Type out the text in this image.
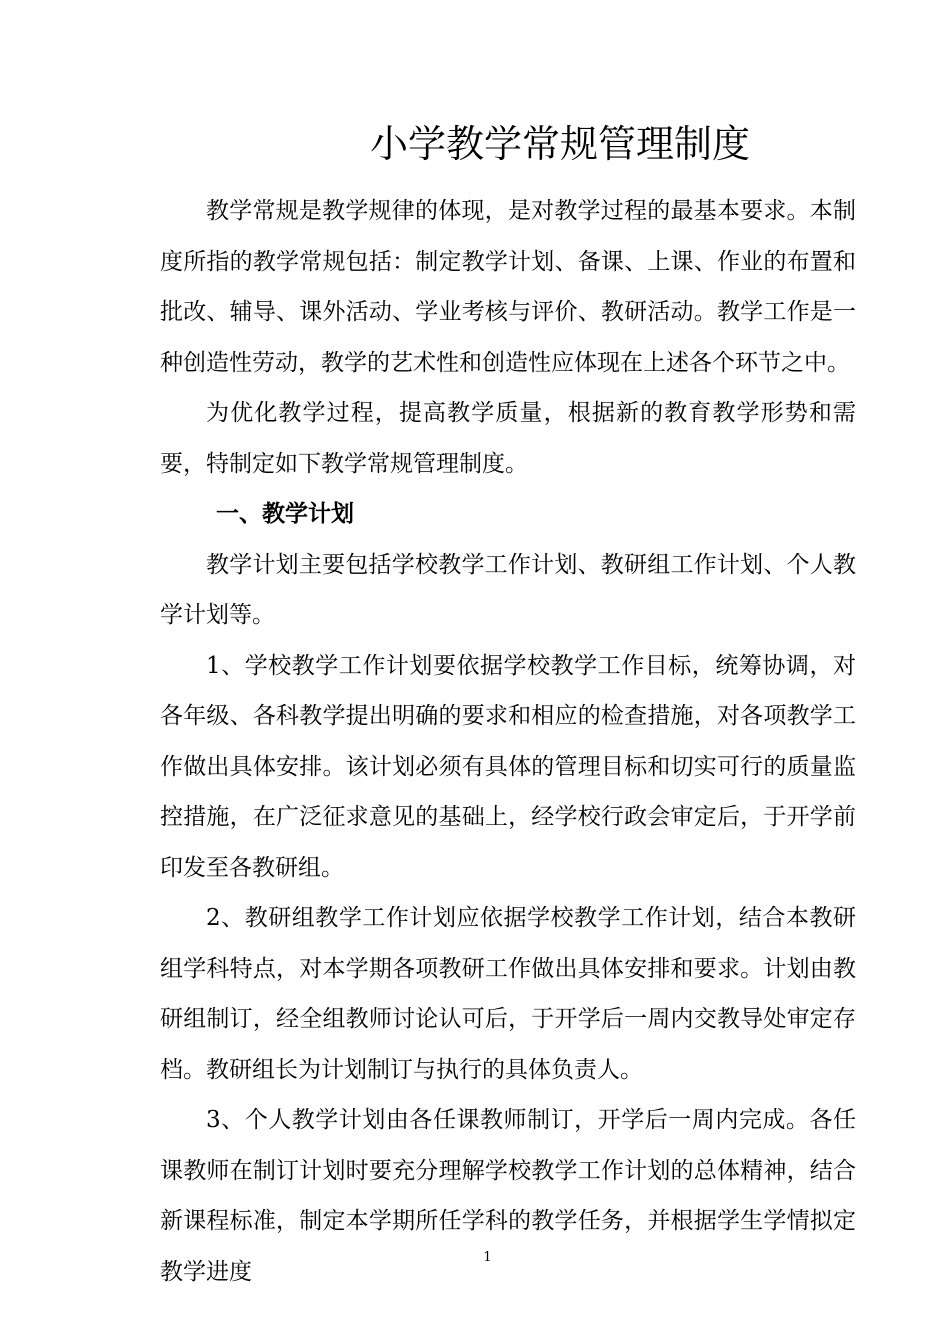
小学教学常规管理制度

教学常规是教学规律的体现，是对教学过程的最基本要求。本制度所指的教学常规包括：制定教学计划、备课、上课、作业的布置和批改、辅导、课外活动、学业考核与评价、教研活动。教学工作是一种创造性劳动，教学的艺术性和创造性应体现在上述各个环节之中。

为优化教学过程，提高教学质量，根据新的教育教学形势和需要，特制定如下教学常规管理制度。

一、教学计划

教学计划主要包括学校教学工作计划、教研组工作计划、个人教学计划等。

1、学校教学工作计划要依据学校教学工作目标，统筹协调，对各年级、各科教学提出明确的要求和相应的检查措施，对各项教学工作做出具体安排。该计划必须有具体的管理目标和切实可行的质量监控措施，在广泛征求意见的基础上，经学校行政会审定后，于开学前印发至各教研组。

2、教研组教学工作计划应依据学校教学工作计划，结合本教研组学科特点，对本学期各项教研工作做出具体安排和要求。计划由教研组制订，经全组教师讨论认可后，于开学后一周内交教导处审定存档。教研组长为计划制订与执行的具体负责人。

3、个人教学计划由各任课教师制订，开学后一周内完成。各任课教师在制订计划时要充分理解学校教学工作计划的总体精神，结合新课程标准，制定本学期所任学科的教学任务，并根据学生学情拟定教学进度

1
